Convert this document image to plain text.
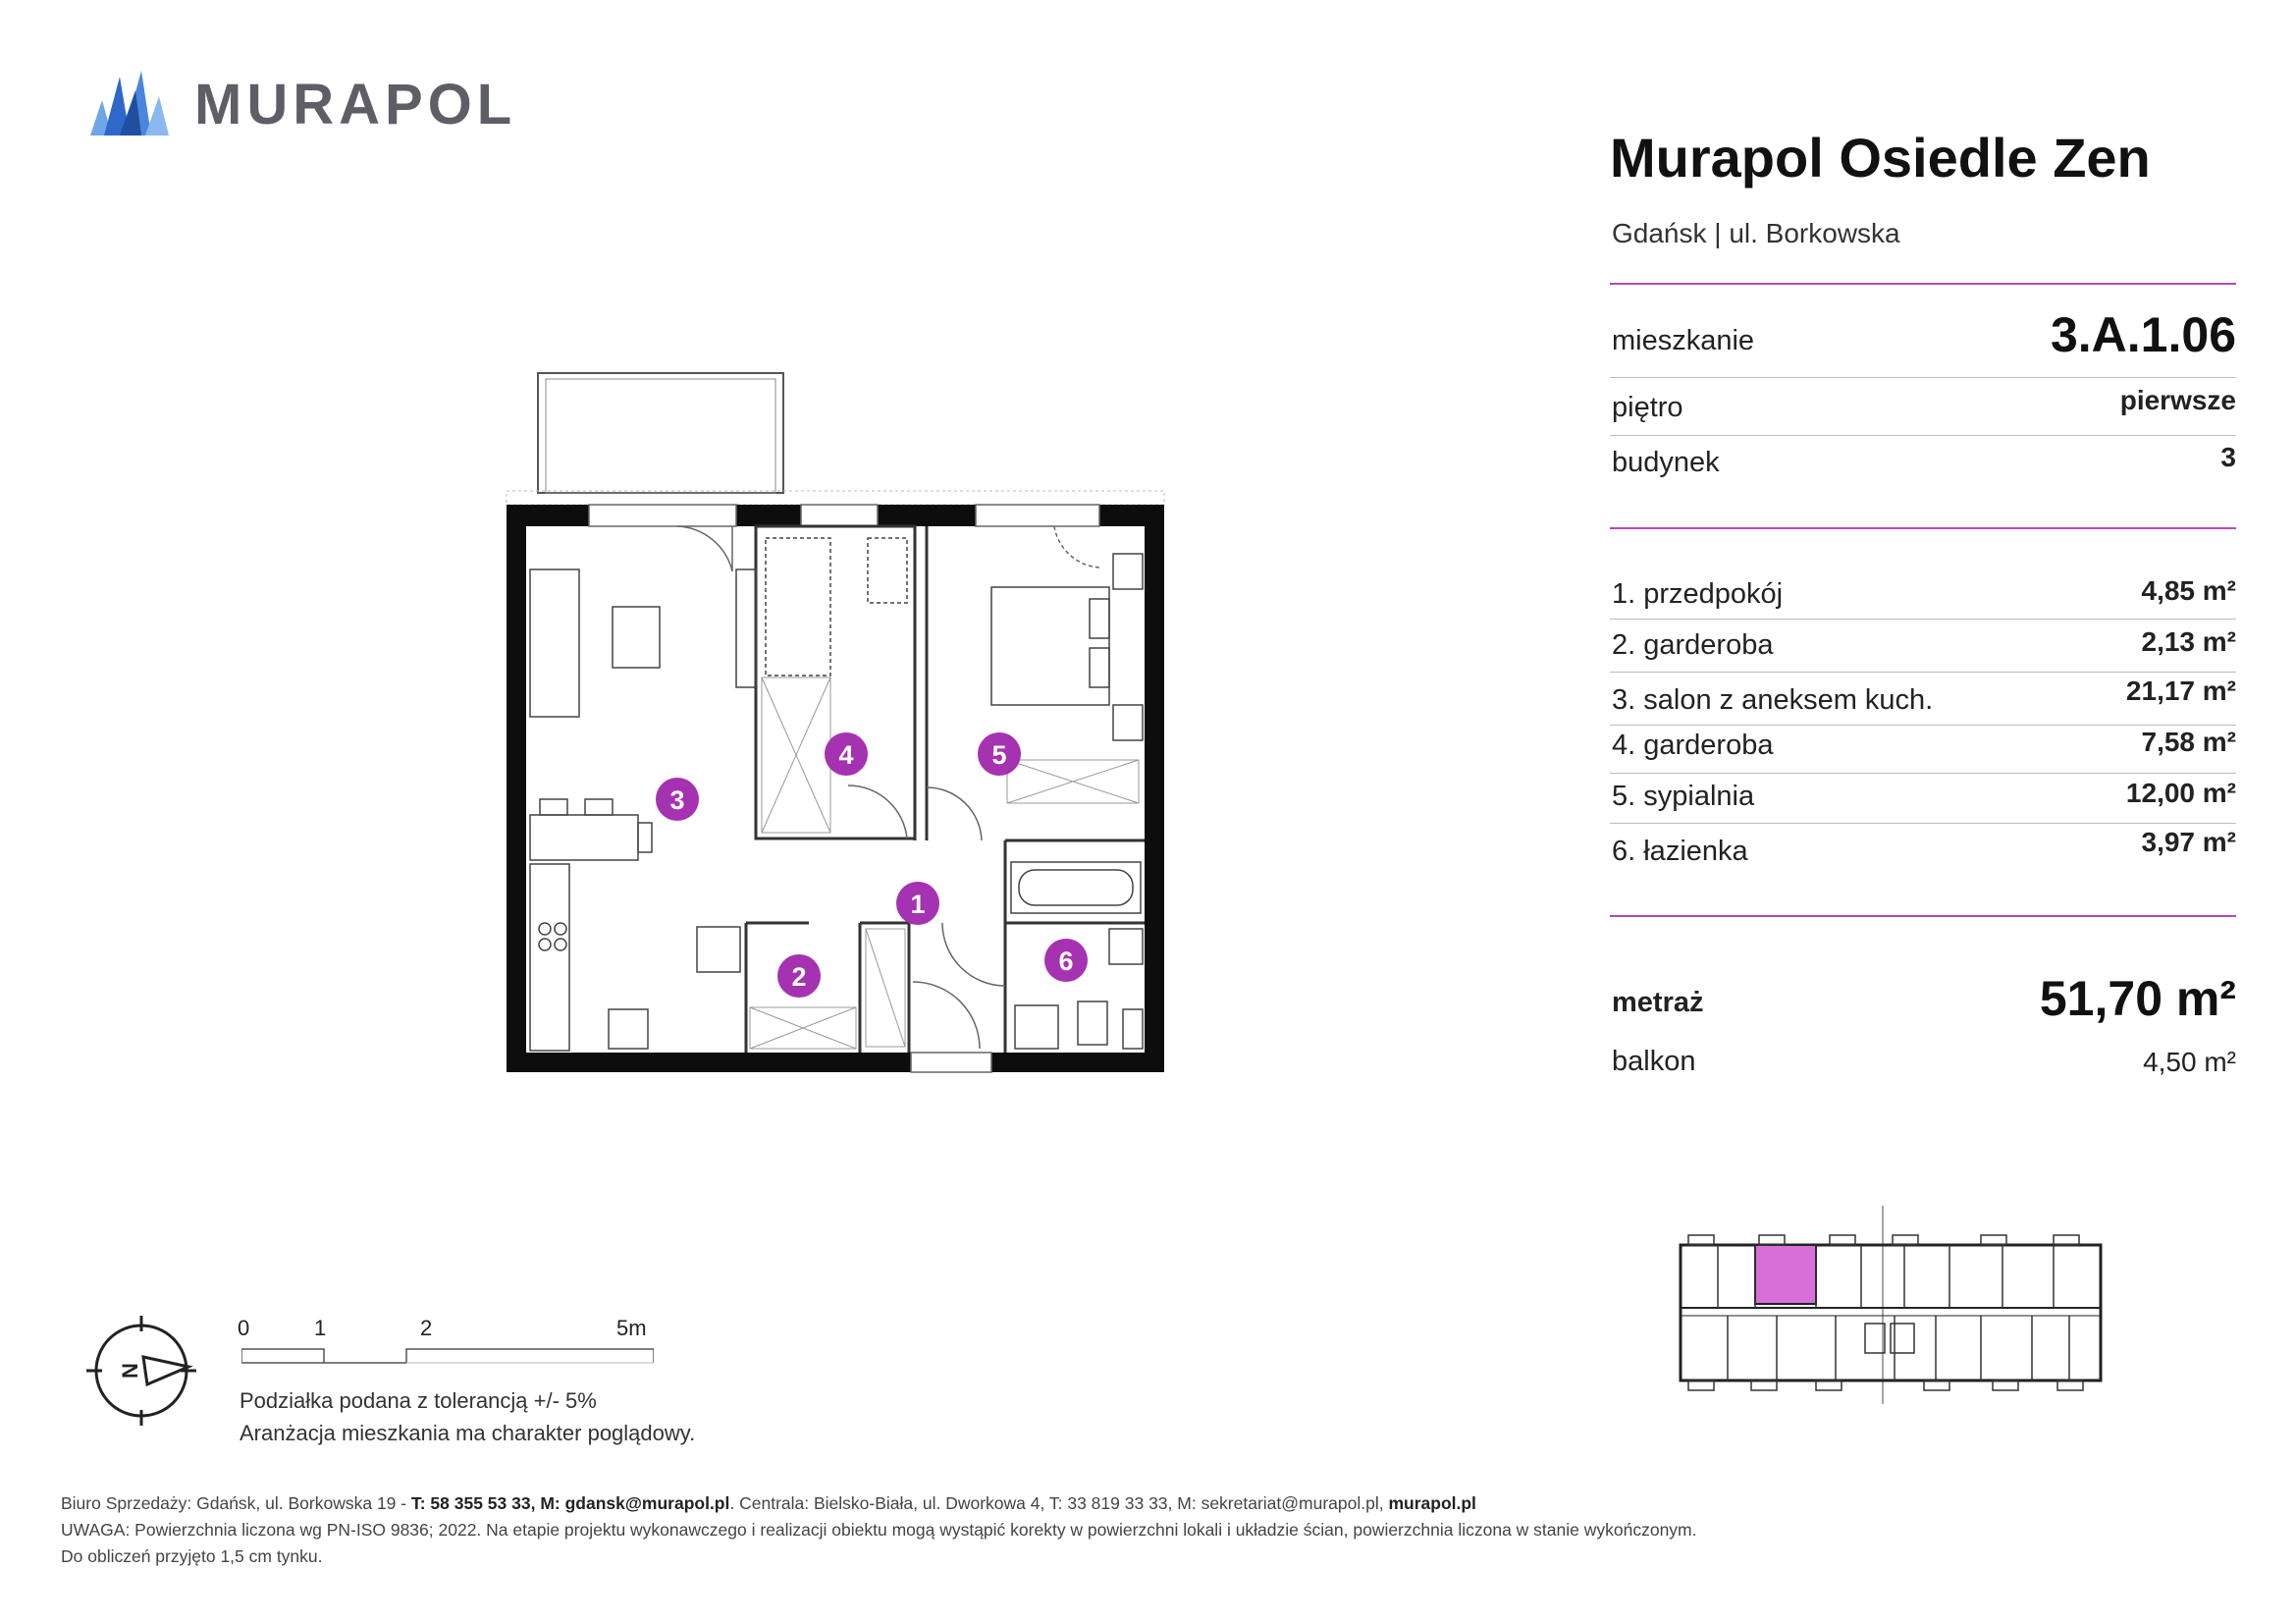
MURAPOL
Murapol Osiedle Zen
Gdańsk | ul. Borkowska
mieszkanie	3.A.1.06
piętro	pierwsze
budynek	3
1. przedpokój	4,85 m²
2. garderoba	2,13 m²
3. salon z aneksem kuch.	21,17 m²
4. garderoba	7,58 m²
5. sypialnia	12,00 m²
6. łazienka	3,97 m²
metraż	51,70 m²
balkon	4,50 m²
1
2
3
4	5
6
N
0	1	2	5m
Podziałka podana z tolerancją +/- 5%
Aranżacja mieszkania ma charakter poglądowy.
Biuro Sprzedaży: Gdańsk, ul. Borkowska 19 - T: 58 355 53 33, M: gdansk@murapol.pl. Centrala: Bielsko-Biała, ul. Dworkowa 4, T: 33 819 33 33, M: sekretariat@murapol.pl, murapol.pl
UWAGA: Powierzchnia liczona wg PN-ISO 9836; 2022. Na etapie projektu wykonawczego i realizacji obiektu mogą wystąpić korekty w powierzchni lokali i układzie ścian, powierzchnia liczona w stanie wykończonym.
Do obliczeń przyjęto 1,5 cm tynku.
